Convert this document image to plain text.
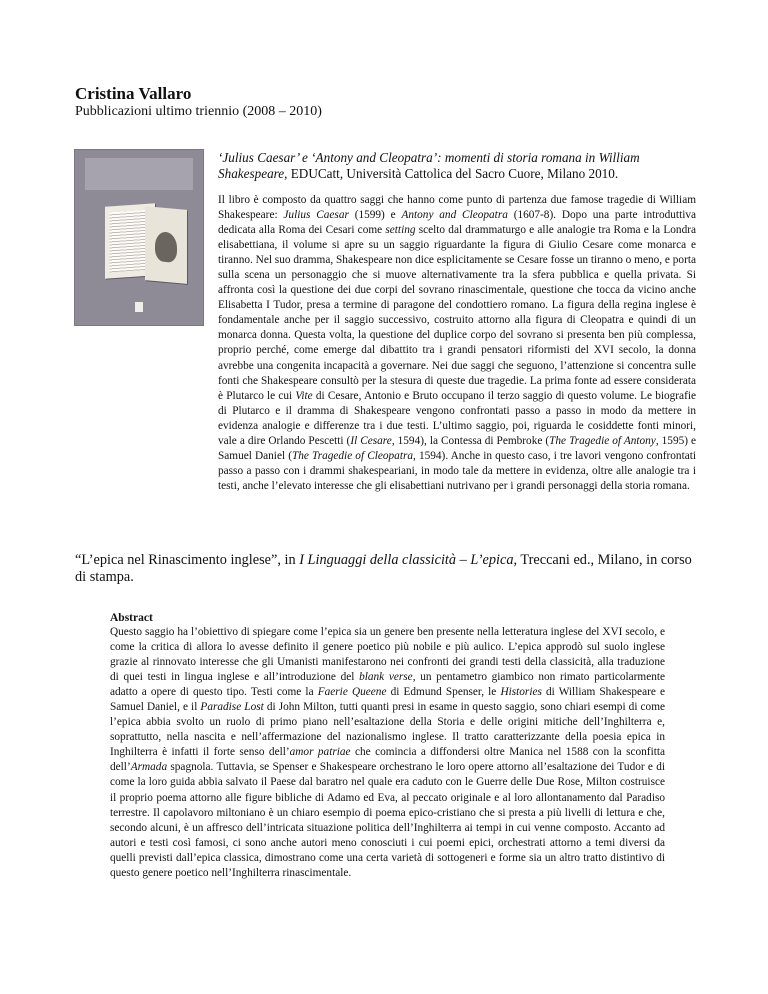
Cristina Vallaro
Pubblicazioni ultimo triennio (2008 – 2010)
‘Julius Caesar’ e ‘Antony and Cleopatra’: momenti di storia romana in William Shakespeare, EDUCatt, Università Cattolica del Sacro Cuore, Milano 2010.

Il libro è composto da quattro saggi che hanno come punto di partenza due famose tragedie di William Shakespeare: Julius Caesar (1599) e Antony and Cleopatra (1607-8). Dopo una parte introduttiva dedicata alla Roma dei Cesari come setting scelto dal drammaturgo e alle analogie tra Roma e la Londra elisabettiana, il volume si apre su un saggio riguardante la figura di Giulio Cesare come monarca e tiranno. Nel suo dramma, Shakespeare non dice esplicitamente se Cesare fosse un tiranno o meno, e porta sulla scena un personaggio che si muove alternativamente tra la sfera pubblica e quella privata. Si affronta così la questione dei due corpi del sovrano rinascimentale, questione che tocca da vicino anche Elisabetta I Tudor, presa a termine di paragone del condottiero romano. La figura della regina inglese è fondamentale anche per il saggio successivo, costruito attorno alla figura di Cleopatra e quindi di un monarca donna. Questa volta, la questione del duplice corpo del sovrano si presenta ben più complessa, proprio perché, come emerge dal dibattito tra i grandi pensatori riformisti del XVI secolo, la donna avrebbe una congenita incapacità a governare. Nei due saggi che seguono, l’attenzione si concentra sulle fonti che Shakespeare consultò per la stesura di queste due tragedie. La prima fonte ad essere considerata è Plutarco le cui Vite di Cesare, Antonio e Bruto occupano il terzo saggio di questo volume. Le biografie di Plutarco e il dramma di Shakespeare vengono confrontati passo a passo in modo da mettere in evidenza analogie e differenze tra i due testi. L’ultimo saggio, poi, riguarda le cosiddette fonti minori, vale a dire Orlando Pescetti (Il Cesare, 1594), la Contessa di Pembroke (The Tragedie of Antony, 1595) e Samuel Daniel (The Tragedie of Cleopatra, 1594). Anche in questo caso, i tre lavori vengono confrontati passo a passo con i drammi shakespeariani, in modo tale da mettere in evidenza, oltre alle analogie tra i testi, anche l’elevato interesse che gli elisabettiani nutrivano per i grandi personaggi della storia romana.

“L’epica nel Rinascimento inglese”, in I Linguaggi della classicità – L’epica, Treccani ed., Milano, in corso di stampa.
Abstract

Questo saggio ha l’obiettivo di spiegare come l’epica sia un genere ben presente nella letteratura inglese del XVI secolo, e come la critica di allora lo avesse definito il genere poetico più nobile e più aulico. L’epica approdò sul suolo inglese grazie al rinnovato interesse che gli Umanisti manifestarono nei confronti dei grandi testi della classicità, alla traduzione di quei testi in lingua inglese e all’introduzione del blank verse, un pentametro giambico non rimato particolarmente adatto a opere di questo tipo. Testi come la Faerie Queene di Edmund Spenser, le Histories di William Shakespeare e Samuel Daniel, e il Paradise Lost di John Milton, tutti quanti presi in esame in questo saggio, sono chiari esempi di come l’epica abbia svolto un ruolo di primo piano nell’esaltazione della Storia e delle origini mitiche dell’Inghilterra e, soprattutto, nella nascita e nell’affermazione del nazionalismo inglese. Il tratto caratterizzante della poesia epica in Inghilterra è infatti il forte senso dell’amor patriae che comincia a diffondersi oltre Manica nel 1588 con la sconfitta dell’Armada spagnola. Tuttavia, se Spenser e Shakespeare orchestrano le loro opere attorno all’esaltazione dei Tudor e di come la loro guida abbia salvato il Paese dal baratro nel quale era caduto con le Guerre delle Due Rose, Milton costruisce il proprio poema attorno alle figure bibliche di Adamo ed Eva, al peccato originale e al loro allontanamento dal Paradiso terrestre. Il capolavoro miltoniano è un chiaro esempio di poema epico-cristiano che si presta a più livelli di lettura e che, secondo alcuni, è un affresco dell’intricata situazione politica dell’Inghilterra ai tempi in cui venne composto. Accanto ad autori e testi così famosi, ci sono anche autori meno conosciuti i cui poemi epici, orchestrati attorno a temi diversi da quelli previsti dall’epica classica, dimostrano come una certa varietà di sottogeneri e forme sia un altro tratto distintivo di questo genere poetico nell’Inghilterra rinascimentale.
